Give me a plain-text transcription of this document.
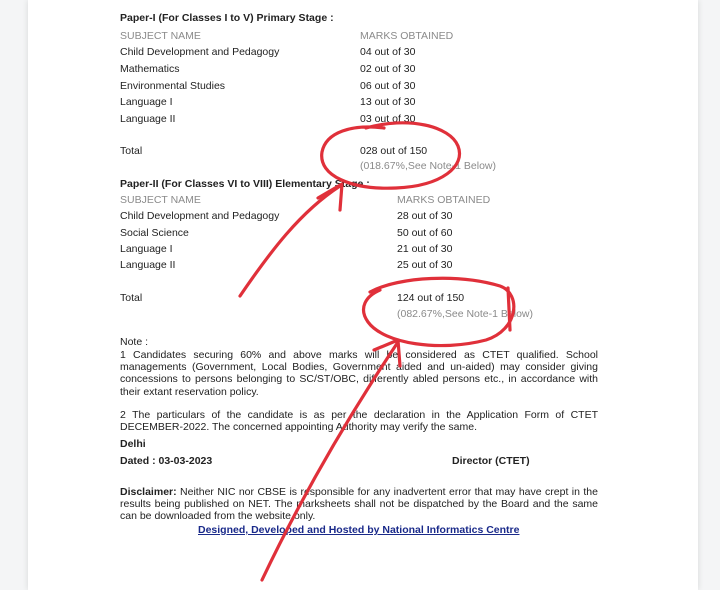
Paper-I (For Classes I to V) Primary Stage :
SUBJECT NAME	MARKS OBTAINED
Child Development and Pedagogy	04 out of 30
Mathematics	02 out of 30
Environmental Studies	06 out of 30
Language I	13 out of 30
Language II	03 out of 30
Total	028 out of 150
(018.67%,See Note-1 Below)
Paper-II (For Classes VI to VIII) Elementary Stage :
SUBJECT NAME	MARKS OBTAINED
Child Development and Pedagogy	28 out of 30
Social Science	50 out of 60
Language I	21 out of 30
Language II	25 out of 30
Total	124 out of 150
(082.67%,See Note-1 Below)
Note :
1 Candidates securing 60% and above marks will be considered as CTET qualified. School managements (Government, Local Bodies, Government aided and un-aided) may consider giving concessions to persons belonging to SC/ST/OBC, differently abled persons etc., in accordance with their extant reservation policy.
2 The particulars of the candidate is as per the declaration in the Application Form of CTET DECEMBER-2022. The concerned appointing Authority may verify the same.
Delhi
Dated : 03-03-2023	Director (CTET)
Disclaimer: Neither NIC nor CBSE is responsible for any inadvertent error that may have crept in the results being published on NET. The marksheets shall not be dispatched by the Board and the same can be downloaded from the website only.
Designed, Developed and Hosted by National Informatics Centre
